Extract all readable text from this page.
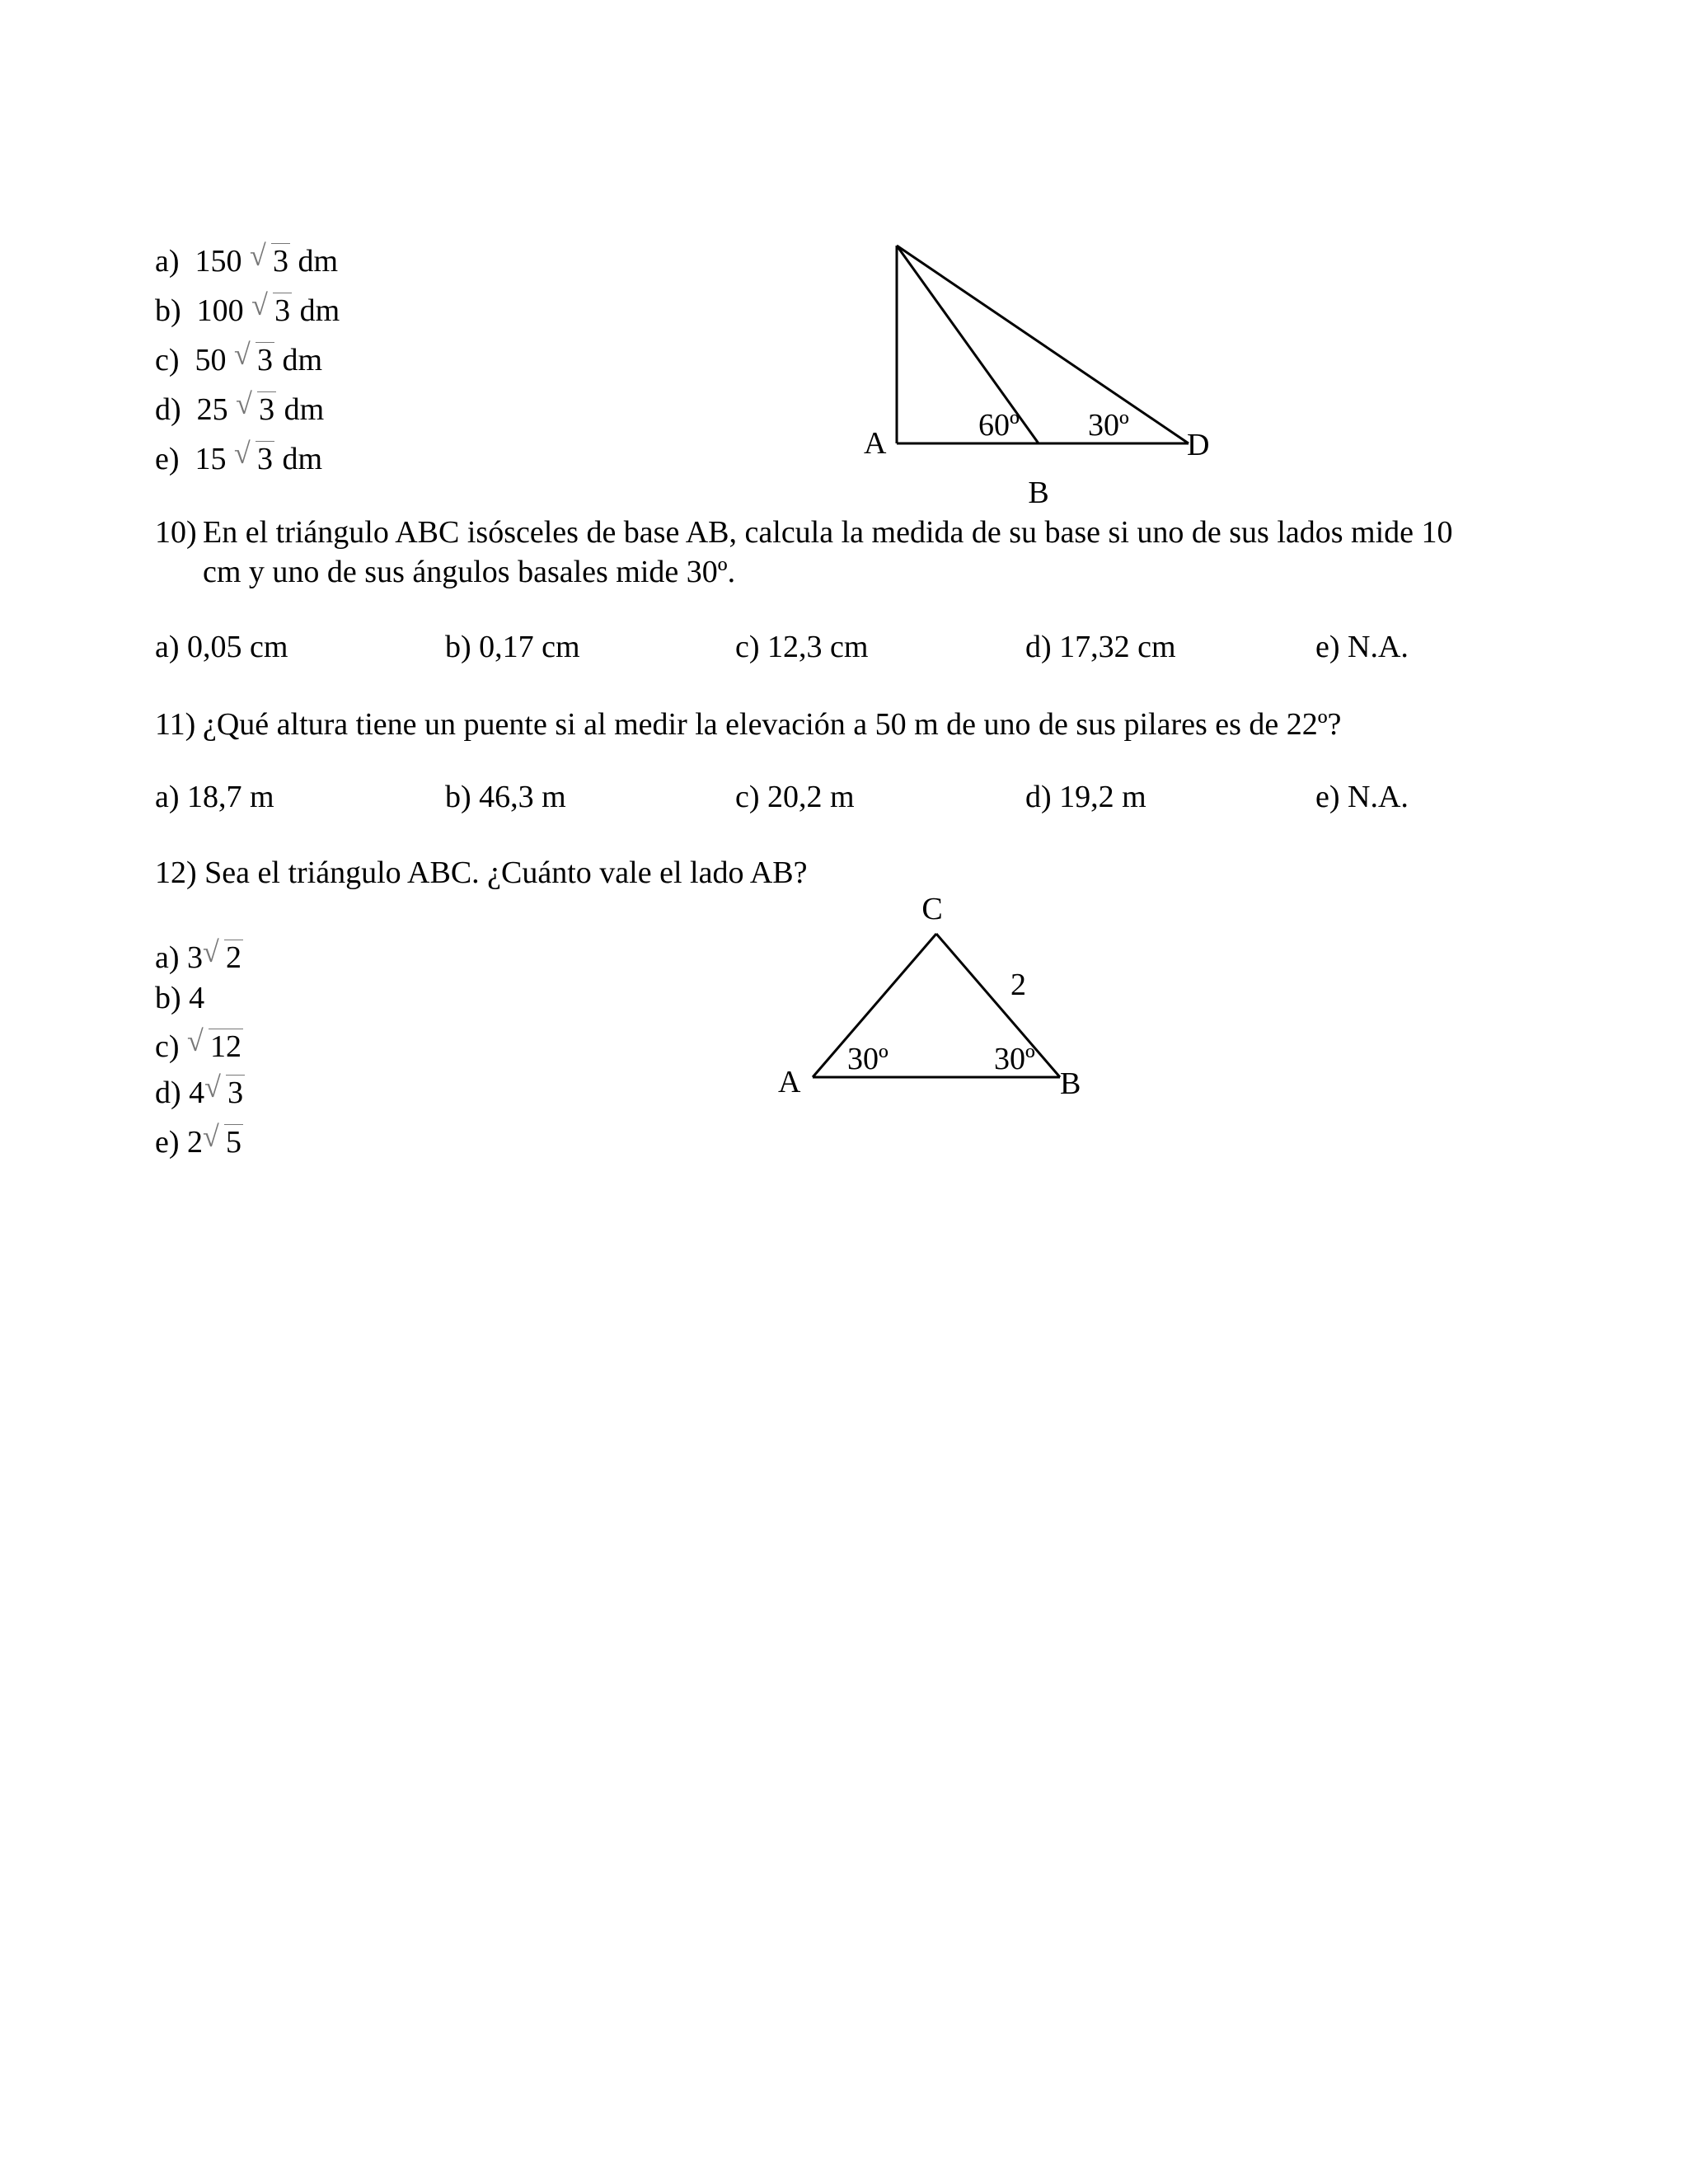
a) 150 √ 3 dm
b) 100 √ 3 dm
c) 50 √ 3 dm
d) 25 √ 3 dm
e) 15 √ 3 dm	A	D
B
60º 30º
10) En el triángulo ABC isósceles de base AB, calcula la medida de su base si uno de sus lados mide 10
cm y uno de sus ángulos basales mide 30º.
a) 0,05 cm	b) 0,17 cm	c) 12,3 cm	d) 17,32 cm	e) N.A.
11) ¿Qué altura tiene un puente si al medir la elevación a 50 m de uno de sus pilares es de 22º?
a) 18,7 m	b) 46,3 m	c) 20,2 m	d) 19,2 m	e) N.A.
12) Sea el triángulo ABC. ¿Cuánto vale el lado AB?
a) 3 √ 2
b) 4
c) √ 12
d) 4 √ 3
e) 2 √ 5
C
A	B
2
30º	30º
